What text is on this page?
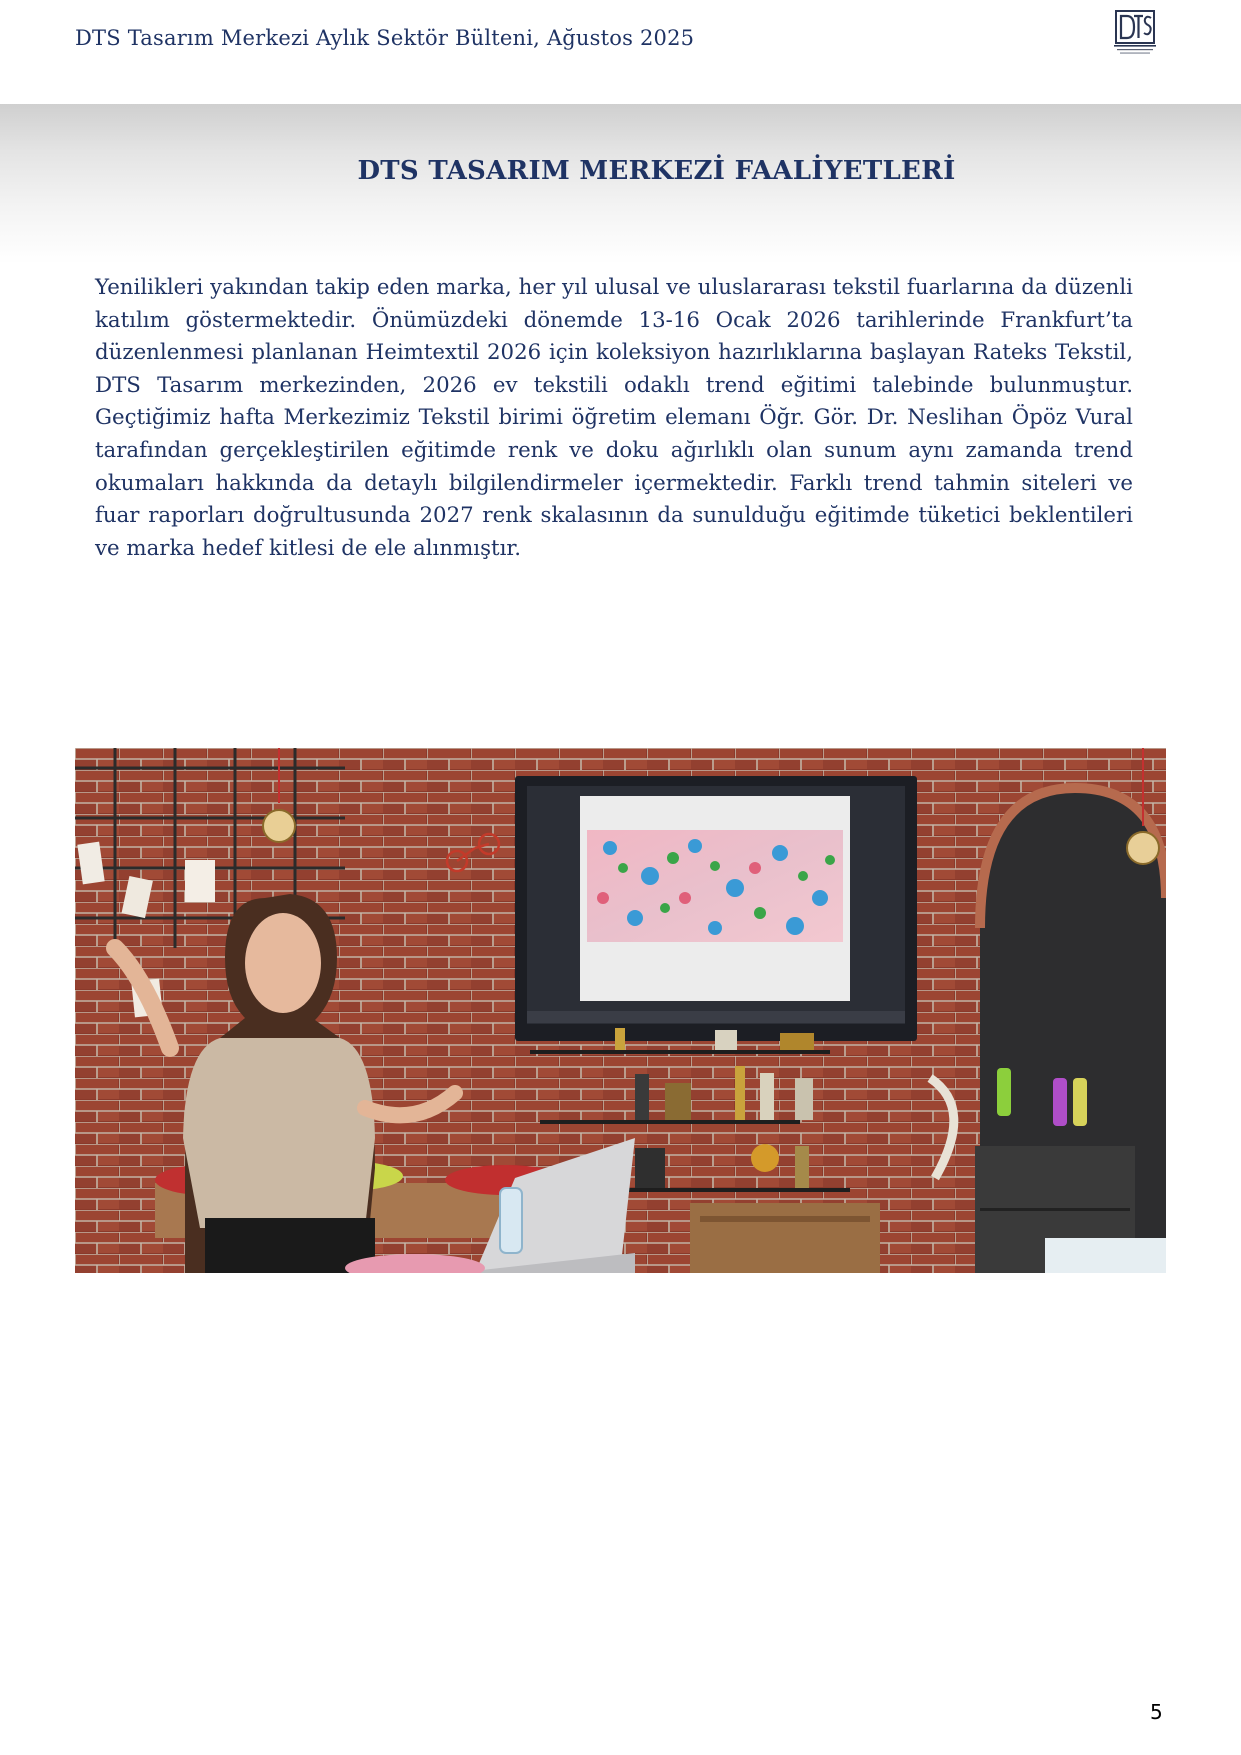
DTS Tasarım Merkezi Aylık Sektör Bülteni, Ağustos 2025
DTS TASARIM MERKEZİ FAALİYETLERİ

Yenilikleri yakından takip eden marka, her yıl ulusal ve uluslararası tekstil fuarlarına da düzenli katılım göstermektedir. Önümüzdeki dönemde 13-16 Ocak 2026 tarihlerinde Frankfurt’ta düzenlenmesi planlanan Heimtextil 2026 için koleksiyon hazırlıklarına başlayan Rateks Tekstil, DTS Tasarım merkezinden, 2026 ev tekstili odaklı trend eğitimi talebinde bulunmuştur. Geçtiğimiz hafta Merkezimiz Tekstil birimi öğretim elemanı Öğr. Gör. Dr. Neslihan Öpöz Vural tarafından gerçekleştirilen eğitimde renk ve doku ağırlıklı olan sunum aynı zamanda trend okumaları hakkında da detaylı bilgilendirmeler içermektedir. Farklı trend tahmin siteleri ve fuar raporları doğrultusunda 2027 renk skalasının da sunulduğu eğitimde tüketici beklentileri ve marka hedef kitlesi de ele alınmıştır.

5
